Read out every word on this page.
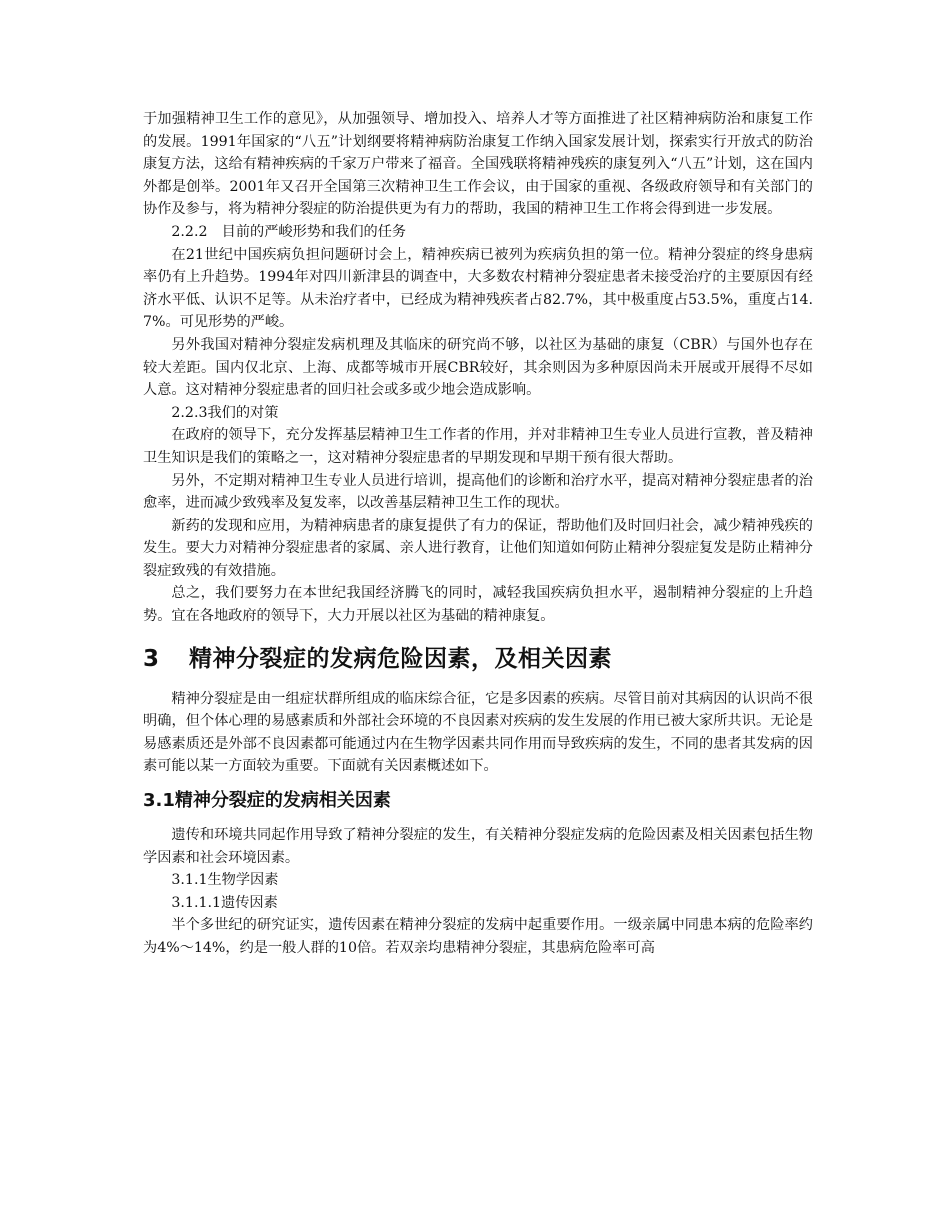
于加强精神卫生工作的意见》，从加强领导、增加投入、培养人才等方面推进了社区精神病防治和康复工作的发展。1991年国家的“八五”计划纲要将精神病防治康复工作纳入国家发展计划，探索实行开放式的防治康复方法，这给有精神疾病的千家万户带来了福音。全国残联将精神残疾的康复列入“八五”计划，这在国内外都是创举。2001年又召开全国第三次精神卫生工作会议，由于国家的重视、各级政府领导和有关部门的协作及参与，将为精神分裂症的防治提供更为有力的帮助，我国的精神卫生工作将会得到进一步发展。

2.2.2　目前的严峻形势和我们的任务

在21世纪中国疾病负担问题研讨会上，精神疾病已被列为疾病负担的第一位。精神分裂症的终身患病率仍有上升趋势。1994年对四川新津县的调查中，大多数农村精神分裂症患者未接受治疗的主要原因有经济水平低、认识不足等。从未治疗者中，已经成为精神残疾者占82.7%，其中极重度占53.5%，重度占14.7%。可见形势的严峻。

另外我国对精神分裂症发病机理及其临床的研究尚不够，以社区为基础的康复（CBR）与国外也存在较大差距。国内仅北京、上海、成都等城市开展CBR较好，其余则因为多种原因尚未开展或开展得不尽如人意。这对精神分裂症患者的回归社会或多或少地会造成影响。

2.2.3我们的对策

在政府的领导下，充分发挥基层精神卫生工作者的作用，并对非精神卫生专业人员进行宣教，普及精神卫生知识是我们的策略之一，这对精神分裂症患者的早期发现和早期干预有很大帮助。

另外，不定期对精神卫生专业人员进行培训，提高他们的诊断和治疗水平，提高对精神分裂症患者的治愈率，进而减少致残率及复发率，以改善基层精神卫生工作的现状。

新药的发现和应用，为精神病患者的康复提供了有力的保证，帮助他们及时回归社会，减少精神残疾的发生。要大力对精神分裂症患者的家属、亲人进行教育，让他们知道如何防止精神分裂症复发是防止精神分裂症致残的有效措施。

总之，我们要努力在本世纪我国经济腾飞的同时，减轻我国疾病负担水平，遏制精神分裂症的上升趋势。宜在各地政府的领导下，大力开展以社区为基础的精神康复。

3 精神分裂症的发病危险因素，及相关因素

精神分裂症是由一组症状群所组成的临床综合征，它是多因素的疾病。尽管目前对其病因的认识尚不很明确，但个体心理的易感素质和外部社会环境的不良因素对疾病的发生发展的作用已被大家所共识。无论是易感素质还是外部不良因素都可能通过内在生物学因素共同作用而导致疾病的发生，不同的患者其发病的因素可能以某一方面较为重要。下面就有关因素概述如下。

3.1精神分裂症的发病相关因素

遗传和环境共同起作用导致了精神分裂症的发生，有关精神分裂症发病的危险因素及相关因素包括生物学因素和社会环境因素。

3.1.1生物学因素

3.1.1.1遗传因素

半个多世纪的研究证实，遗传因素在精神分裂症的发病中起重要作用。一级亲属中同患本病的危险率约为4%～14%，约是一般人群的10倍。若双亲均患精神分裂症，其患病危险率可高
